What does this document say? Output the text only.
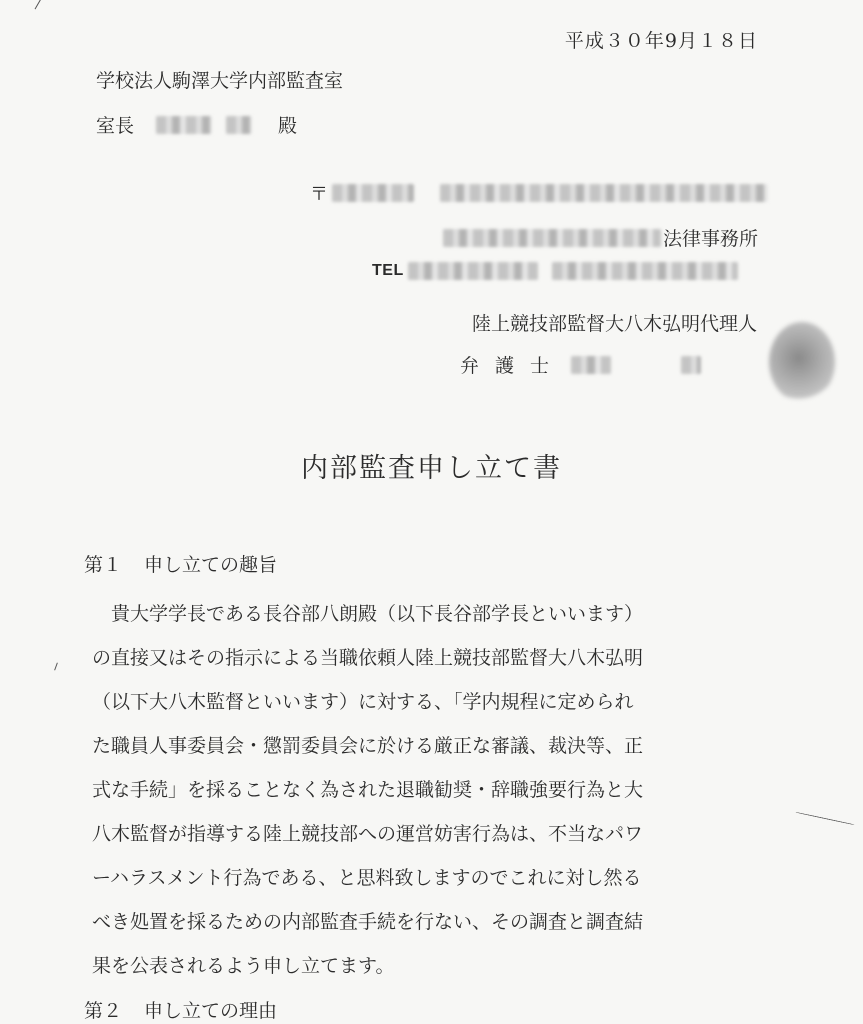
平成３０年9月１８日
学校法人駒澤大学内部監査室
室長	殿
〒
法律事務所
TEL
陸上競技部監督大八木弘明代理人
弁護士
内部監査申し立て書
第１ 申し立ての趣旨
　貴大学学長である長谷部八朗殿（以下長谷部学長といいます）
の直接又はその指示による当職依頼人陸上競技部監督大八木弘明
（以下大八木監督といいます）に対する、「学内規程に定められ
た職員人事委員会・懲罰委員会に於ける厳正な審議、裁決等、正
式な手続」を採ることなく為された退職勧奨・辞職強要行為と大
八木監督が指導する陸上競技部への運営妨害行為は、不当なパワ
ーハラスメント行為である、と思料致しますのでこれに対し然る
べき処置を採るための内部監査手続を行ない、その調査と調査結
果を公表されるよう申し立てます。
第２ 申し立ての理由
